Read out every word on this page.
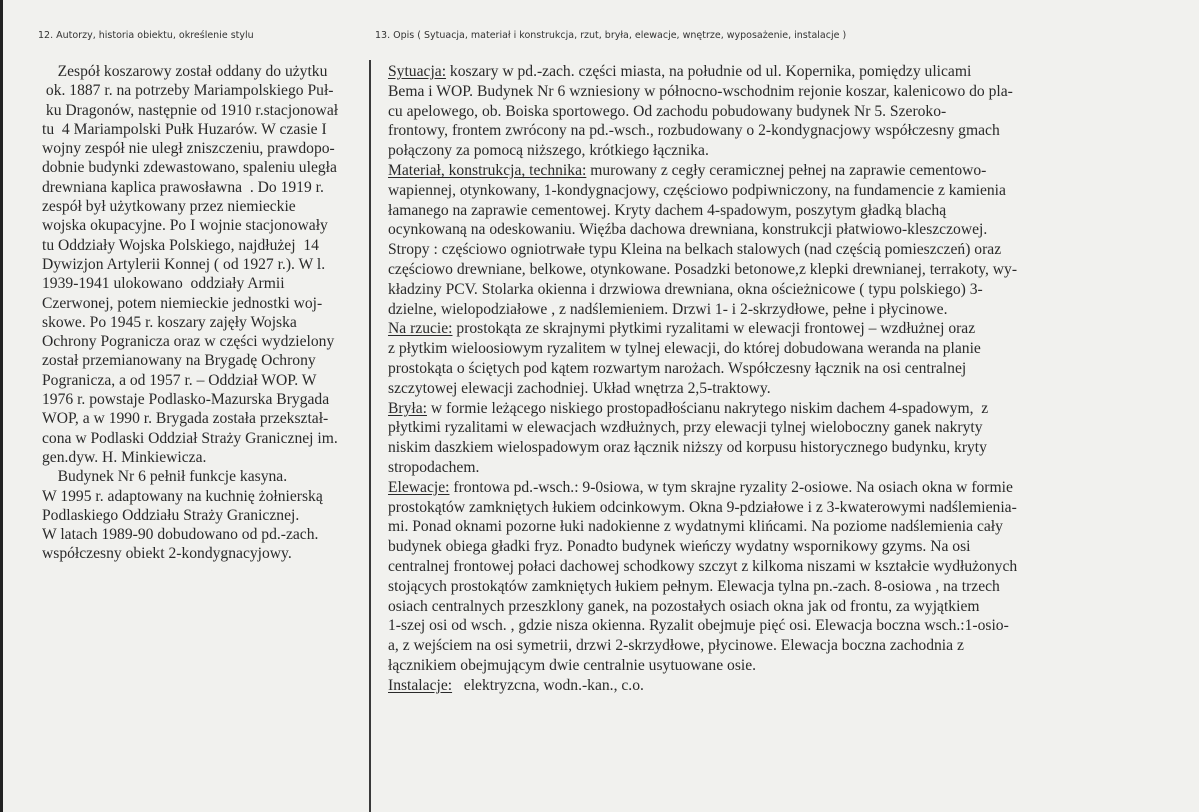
12. Autorzy, historia obiektu, określenie stylu	13. Opis ( Sytuacja, materiał i konstrukcja, rzut, bryła, elewacje, wnętrze, wyposażenie, instalacje )
Zespół koszarowy został oddany do użytku
ok. 1887 r. na potrzeby Mariampolskiego Puł-
ku Dragonów, następnie od 1910 r.stacjonował
tu  4 Mariampolski Pułk Huzarów. W czasie I
wojny zespół nie uległ zniszczeniu, prawdopo-
dobnie budynki zdewastowano, spaleniu uległa
drewniana kaplica prawosławna  . Do 1919 r.
zespół był użytkowany przez niemieckie
wojska okupacyjne. Po I wojnie stacjonowały
tu Oddziały Wojska Polskiego, najdłużej  14
Dywizjon Artylerii Konnej ( od 1927 r.). W l.
1939-1941 ulokowano  oddziały Armii
Czerwonej, potem niemieckie jednostki woj-
skowe. Po 1945 r. koszary zajęły Wojska
Ochrony Pogranicza oraz w części wydzielony
został przemianowany na Brygadę Ochrony
Pogranicza, a od 1957 r. – Oddział WOP. W
1976 r. powstaje Podlasko-Mazurska Brygada
WOP, a w 1990 r. Brygada została przekształ-
cona w Podlaski Oddział Straży Granicznej im.
gen.dyw. H. Minkiewicza.
Budynek Nr 6 pełnił funkcje kasyna.
W 1995 r. adaptowany na kuchnię żołnierską
Podlaskiego Oddziału Straży Granicznej.
W latach 1989-90 dobudowano od pd.-zach.
współczesny obiekt 2-kondygnacyjowy.
Sytuacja: koszary w pd.-zach. części miasta, na południe od ul. Kopernika, pomiędzy ulicami
Bema i WOP. Budynek Nr 6 wzniesiony w północno-wschodnim rejonie koszar, kalenicowo do pla-
cu apelowego, ob. Boiska sportowego. Od zachodu pobudowany budynek Nr 5. Szeroko-
frontowy, frontem zwrócony na pd.-wsch., rozbudowany o 2-kondygnacjowy współczesny gmach
połączony za pomocą niższego, krótkiego łącznika.
Materiał, konstrukcja, technika: murowany z cegły ceramicznej pełnej na zaprawie cementowo-
wapiennej, otynkowany, 1-kondygnacjowy, częściowo podpiwniczony, na fundamencie z kamienia
łamanego na zaprawie cementowej. Kryty dachem 4-spadowym, poszytym gładką blachą
ocynkowaną na odeskowaniu. Więźba dachowa drewniana, konstrukcji płatwiowo-kleszczowej.
Stropy : częściowo ogniotrwałe typu Kleina na belkach stalowych (nad częścią pomieszczeń) oraz
częściowo drewniane, belkowe, otynkowane. Posadzki betonowe,z klepki drewnianej, terrakoty, wy-
kładziny PCV. Stolarka okienna i drzwiowa drewniana, okna ościeżnicowe ( typu polskiego) 3-
dzielne, wielopodziałowe , z nadślemieniem. Drzwi 1- i 2-skrzydłowe, pełne i płycinowe.
Na rzucie: prostokąta ze skrajnymi płytkimi ryzalitami w elewacji frontowej – wzdłużnej oraz
z płytkim wieloosiowym ryzalitem w tylnej elewacji, do której dobudowana weranda na planie
prostokąta o ściętych pod kątem rozwartym narożach. Współczesny łącznik na osi centralnej
szczytowej elewacji zachodniej. Układ wnętrza 2,5-traktowy.
Bryła: w formie leżącego niskiego prostopadłościanu nakrytego niskim dachem 4-spadowym,  z
płytkimi ryzalitami w elewacjach wzdłużnych, przy elewacji tylnej wieloboczny ganek nakryty
niskim daszkiem wielospadowym oraz łącznik niższy od korpusu historycznego budynku, kryty
stropodachem.
Elewacje: frontowa pd.-wsch.: 9-0siowa, w tym skrajne ryzality 2-osiowe. Na osiach okna w formie
prostokątów zamkniętych łukiem odcinkowym. Okna 9-pdziałowe i z 3-kwaterowymi nadślemienia-
mi. Ponad oknami pozorne łuki nadokienne z wydatnymi klińcami. Na poziome nadślemienia cały
budynek obiega gładki fryz. Ponadto budynek wieńczy wydatny wspornikowy gzyms. Na osi
centralnej frontowej połaci dachowej schodkowy szczyt z kilkoma niszami w kształcie wydłużonych
stojących prostokątów zamkniętych łukiem pełnym. Elewacja tylna pn.-zach. 8-osiowa , na trzech
osiach centralnych przeszklony ganek, na pozostałych osiach okna jak od frontu, za wyjątkiem
1-szej osi od wsch. , gdzie nisza okienna. Ryzalit obejmuje pięć osi. Elewacja boczna wsch.:1-osio-
a, z wejściem na osi symetrii, drzwi 2-skrzydłowe, płycinowe. Elewacja boczna zachodnia z
łącznikiem obejmującym dwie centralnie usytuowane osie.
Instalacje:   elektryzcna, wodn.-kan., c.o.
